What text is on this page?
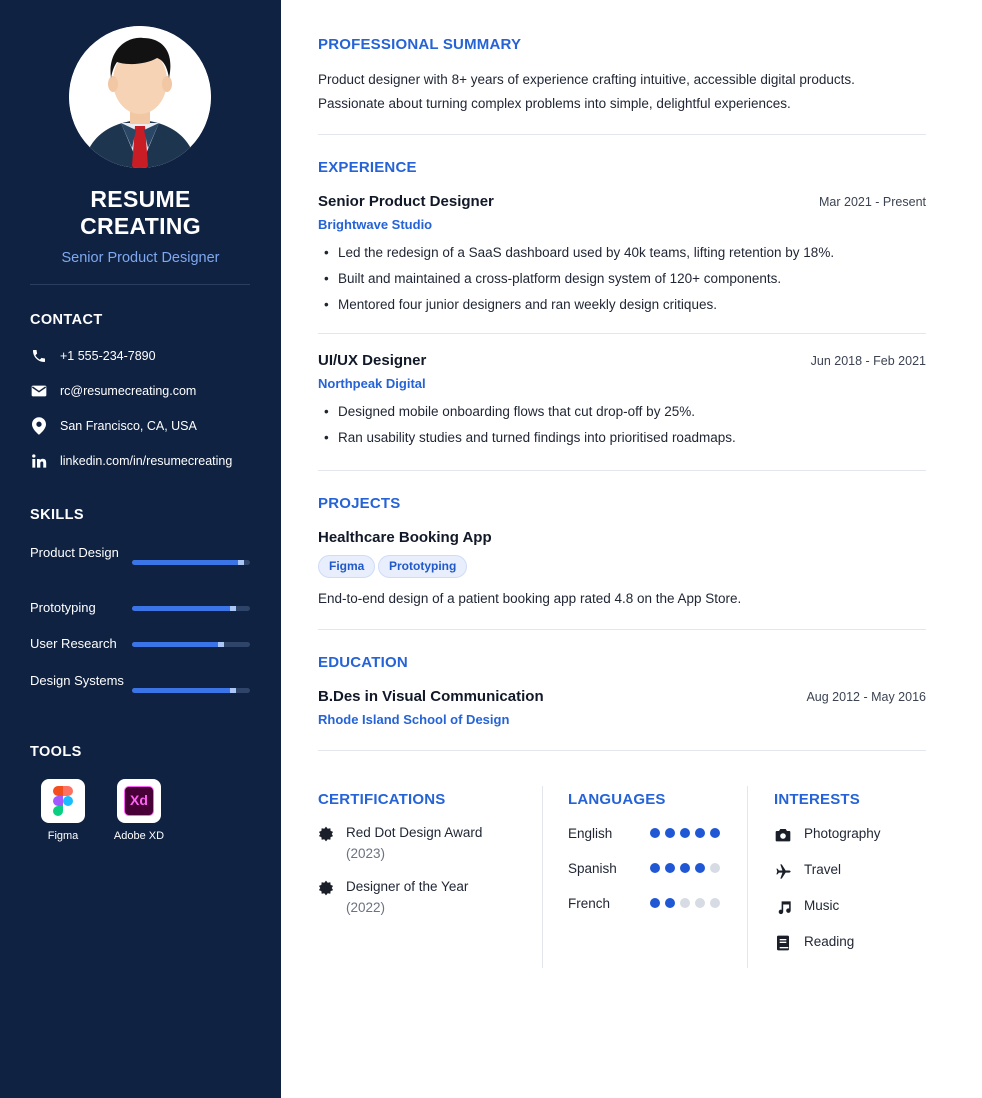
RESUME
CREATING
Senior Product Designer
CONTACT
+1 555-234-7890
rc@resumecreating.com
San Francisco, CA, USA
linkedin.com/in/resumecreating
SKILLS
Product Design
Prototyping
User Research
Design Systems
TOOLS
Figma
Xd
Adobe XD
PROFESSIONAL SUMMARY
Product designer with 8+ years of experience crafting intuitive, accessible digital products.
Passionate about turning complex problems into simple, delightful experiences.
EXPERIENCE
Senior Product Designer	Mar 2021 - Present
Brightwave Studio
• Led the redesign of a SaaS dashboard used by 40k teams, lifting retention by 18%.
• Built and maintained a cross-platform design system of 120+ components.
• Mentored four junior designers and ran weekly design critiques.
UI/UX Designer	Jun 2018 - Feb 2021
Northpeak Digital
• Designed mobile onboarding flows that cut drop-off by 25%.
• Ran usability studies and turned findings into prioritised roadmaps.
PROJECTS
Healthcare Booking App
Figma	Prototyping
End-to-end design of a patient booking app rated 4.8 on the App Store.
EDUCATION
B.Des in Visual Communication	Aug 2012 - May 2016
Rhode Island School of Design
CERTIFICATIONS
Red Dot Design Award
(2023)
Designer of the Year
(2022)
LANGUAGES
English
Spanish
French
INTERESTS
Photography
Travel
Music
Reading
